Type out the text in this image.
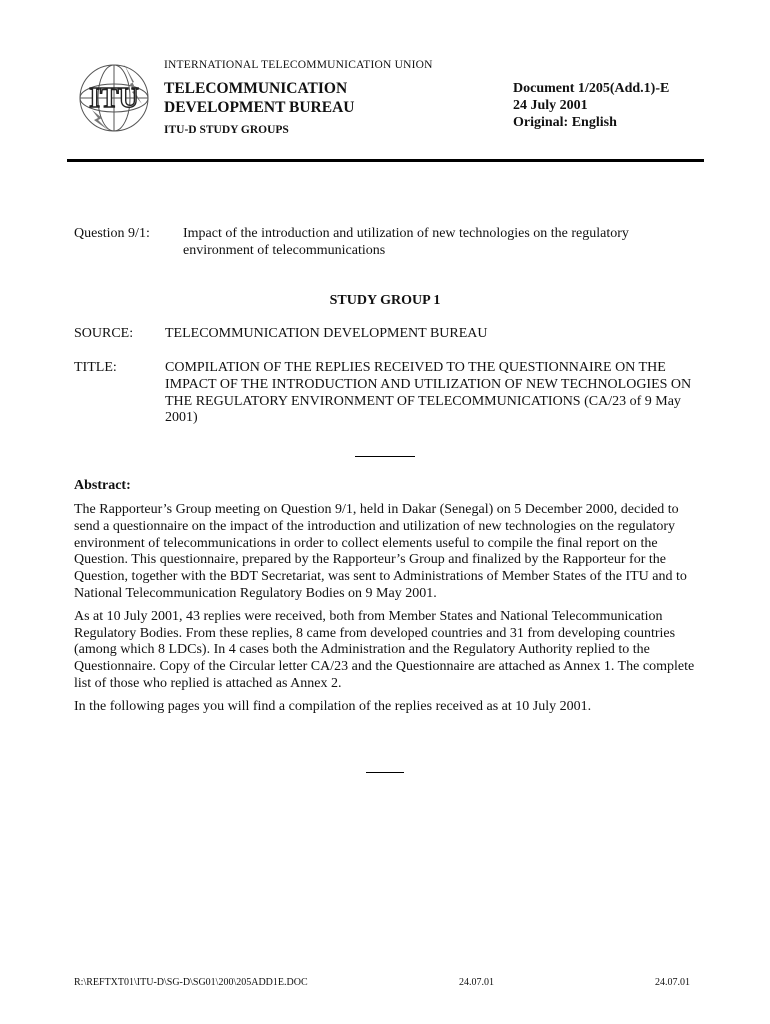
ITU
INTERNATIONAL TELECOMMUNICATION UNION
TELECOMMUNICATION
DEVELOPMENT BUREAU
ITU-D STUDY GROUPS
Document 1/205(Add.1)-E
24 July 2001
Original: English
Question 9/1: Impact of the introduction and utilization of new technologies on the regulatory environment of telecommunications
STUDY GROUP 1
SOURCE: TELECOMMUNICATION DEVELOPMENT BUREAU
TITLE:	COMPILATION OF THE REPLIES RECEIVED TO THE QUESTIONNAIRE ON THE IMPACT OF THE INTRODUCTION AND UTILIZATION OF NEW TECHNOLOGIES ON THE REGULATORY ENVIRONMENT OF TELECOMMUNICATIONS (CA/23 of 9 May 2001)
Abstract:

The Rapporteur’s Group meeting on Question 9/1, held in Dakar (Senegal) on 5 December 2000, decided to send a questionnaire on the impact of the introduction and utilization of new technologies on the regulatory environment of telecommunications in order to collect elements useful to compile the final report on the Question. This questionnaire, prepared by the Rapporteur’s Group and finalized by the Rapporteur for the Question, together with the BDT Secretariat, was sent to Administrations of Member States of the ITU and to National Telecommunication Regulatory Bodies on 9 May 2001.

As at 10 July 2001, 43 replies were received, both from Member States and National Telecommunication Regulatory Bodies. From these replies, 8 came from developed countries and 31 from developing countries (among which 8 LDCs). In 4 cases both the Administration and the Regulatory Authority replied to the Questionnaire. Copy of the Circular letter CA/23 and the Questionnaire are attached as Annex 1. The complete list of those who replied is attached as Annex 2.

In the following pages you will find a compilation of the replies received as at 10 July 2001.

R:\REFTXT01\ITU-D\SG-D\SG01\200\205ADD1E.DOC	24.07.01	24.07.01
